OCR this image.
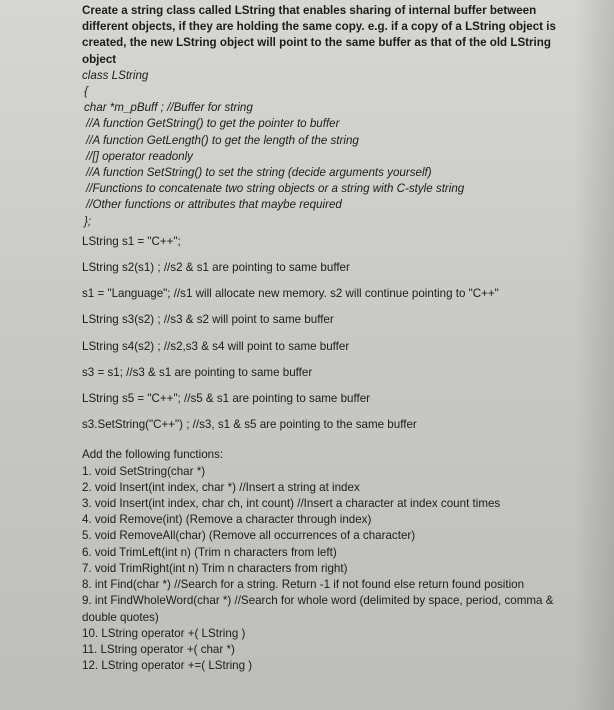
Create a string class called LString that enables sharing of internal buffer between different objects, if they are holding the same copy. e.g. if a copy of a LString object is created, the new LString object will point to the same buffer as that of the old LString object
class LString
{
char *m_pBuff ; //Buffer for string
//A function GetString() to get the pointer to buffer
//A function GetLength() to get the length of the string
//[] operator readonly
//A function SetString() to set the string (decide arguments yourself)
//Functions to concatenate two string objects or a string with C-style string
//Other functions or attributes that maybe required
};
LString s1 = "C++";
LString s2(s1) ; //s2 & s1 are pointing to same buffer
s1 = "Language"; //s1 will allocate new memory. s2 will continue pointing to "C++"
LString s3(s2) ; //s3 & s2 will point to same buffer
LString s4(s2) ; //s2,s3 & s4 will point to same buffer
s3 = s1; //s3 & s1 are pointing to same buffer
LString s5 = "C++"; //s5 & s1 are pointing to same buffer
s3.SetString("C++") ; //s3, s1 & s5 are pointing to the same buffer
Add the following functions:
1. void SetString(char *)
2. void Insert(int index, char *) //Insert a string at index
3. void Insert(int index, char ch, int count) //Insert a character at index count times
4. void Remove(int) (Remove a character through index)
5. void RemoveAll(char) (Remove all occurrences of a character)
6. void TrimLeft(int n) (Trim n characters from left)
7. void TrimRight(int n) Trim n characters from right)
8. int Find(char *) //Search for a string. Return -1 if not found else return found position
9. int FindWholeWord(char *) //Search for whole word (delimited by space, period, comma & double quotes)
10. LString operator +( LString )
11. LString operator +( char *)
12. LString operator +=( LString )
